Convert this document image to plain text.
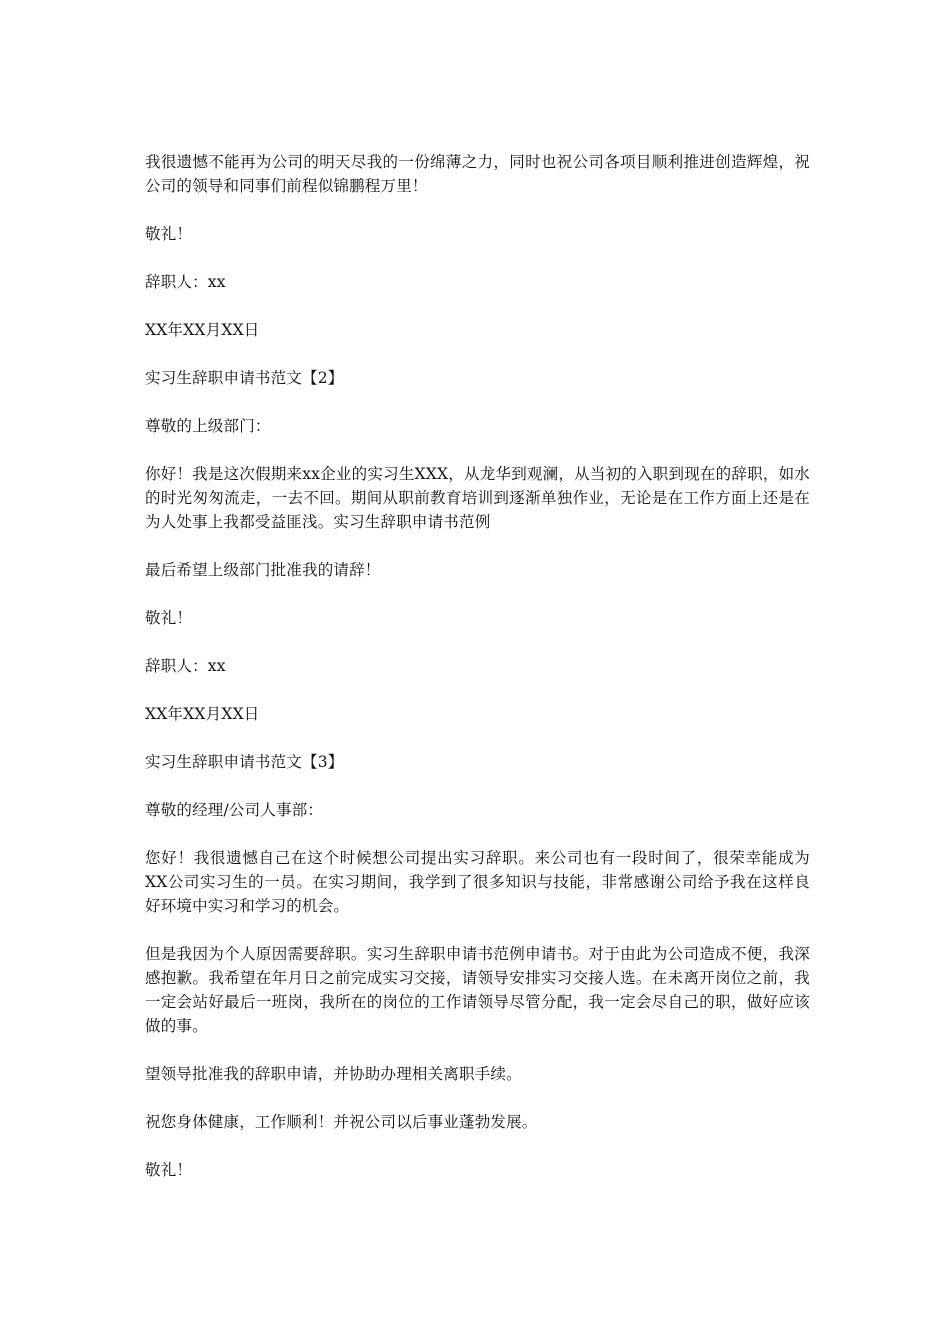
我很遗憾不能再为公司的明天尽我的一份绵薄之力，同时也祝公司各项目顺利推进创造辉煌，祝公司的领导和同事们前程似锦鹏程万里！

敬礼！

辞职人：xx

XX年XX月XX日

实习生辞职申请书范文【2】

尊敬的上级部门：

你好！我是这次假期来xx企业的实习生XXX，从龙华到观澜，从当初的入职到现在的辞职，如水的时光匆匆流走，一去不回。期间从职前教育培训到逐渐单独作业，无论是在工作方面上还是在为人处事上我都受益匪浅。实习生辞职申请书范例

最后希望上级部门批准我的请辞！

敬礼！

辞职人：xx

XX年XX月XX日

实习生辞职申请书范文【3】

尊敬的经理/公司人事部：

您好！我很遗憾自己在这个时候想公司提出实习辞职。来公司也有一段时间了，很荣幸能成为XX公司实习生的一员。在实习期间，我学到了很多知识与技能，非常感谢公司给予我在这样良好环境中实习和学习的机会。

但是我因为个人原因需要辞职。实习生辞职申请书范例申请书。对于由此为公司造成不便，我深感抱歉。我希望在年月日之前完成实习交接，请领导安排实习交接人选。在未离开岗位之前，我一定会站好最后一班岗，我所在的岗位的工作请领导尽管分配，我一定会尽自己的职，做好应该做的事。

望领导批准我的辞职申请，并协助办理相关离职手续。

祝您身体健康，工作顺利！并祝公司以后事业蓬勃发展。

敬礼！
